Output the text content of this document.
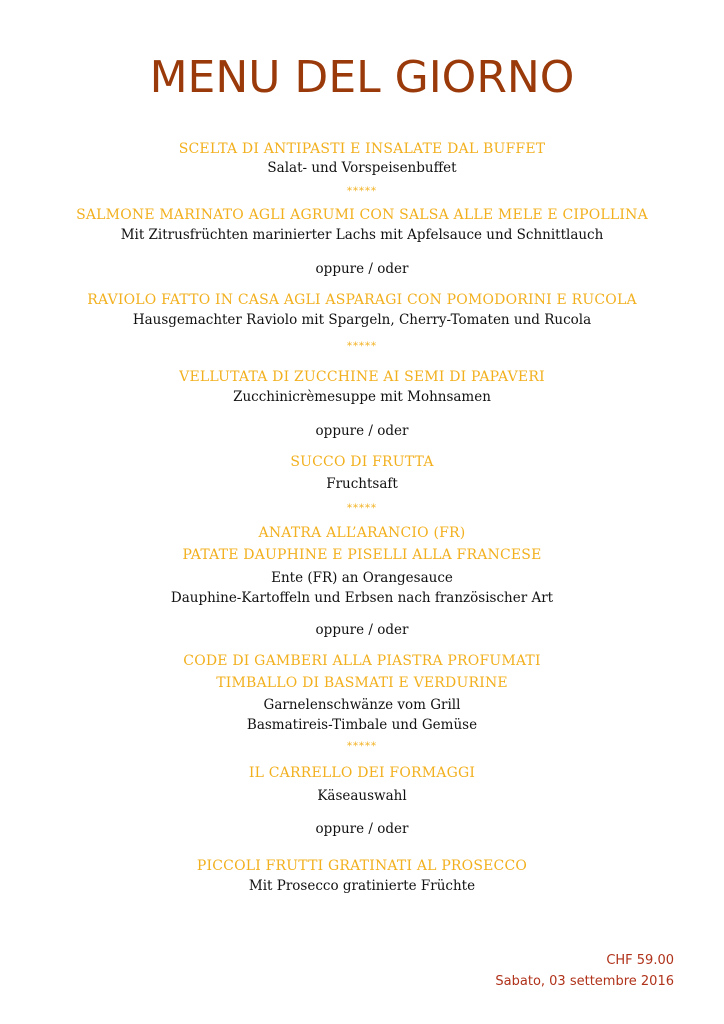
MENU DEL GIORNO
SCELTA DI ANTIPASTI E INSALATE DAL BUFFET
Salat- und Vorspeisenbuffet
*****
SALMONE MARINATO AGLI AGRUMI CON SALSA ALLE MELE E CIPOLLINA
Mit Zitrusfrüchten marinierter Lachs mit Apfelsauce und Schnittlauch
oppure / oder
RAVIOLO FATTO IN CASA AGLI ASPARAGI CON POMODORINI E RUCOLA
Hausgemachter Raviolo mit Spargeln, Cherry-Tomaten und Rucola
*****
VELLUTATA DI ZUCCHINE AI SEMI DI PAPAVERI
Zucchinicrèmesuppe mit Mohnsamen
oppure / oder
SUCCO DI FRUTTA
Fruchtsaft
*****
ANATRA ALL’ARANCIO (FR)
PATATE DAUPHINE E PISELLI ALLA FRANCESE
Ente (FR) an Orangesauce
Dauphine-Kartoffeln und Erbsen nach französischer Art
oppure / oder
CODE DI GAMBERI ALLA PIASTRA PROFUMATI
TIMBALLO DI BASMATI E VERDURINE
Garnelenschwänze vom Grill
Basmatireis-Timbale und Gemüse
*****
IL CARRELLO DEI FORMAGGI
Käseauswahl
oppure / oder
PICCOLI FRUTTI GRATINATI AL PROSECCO
Mit Prosecco gratinierte Früchte
CHF 59.00
Sabato, 03 settembre 2016
